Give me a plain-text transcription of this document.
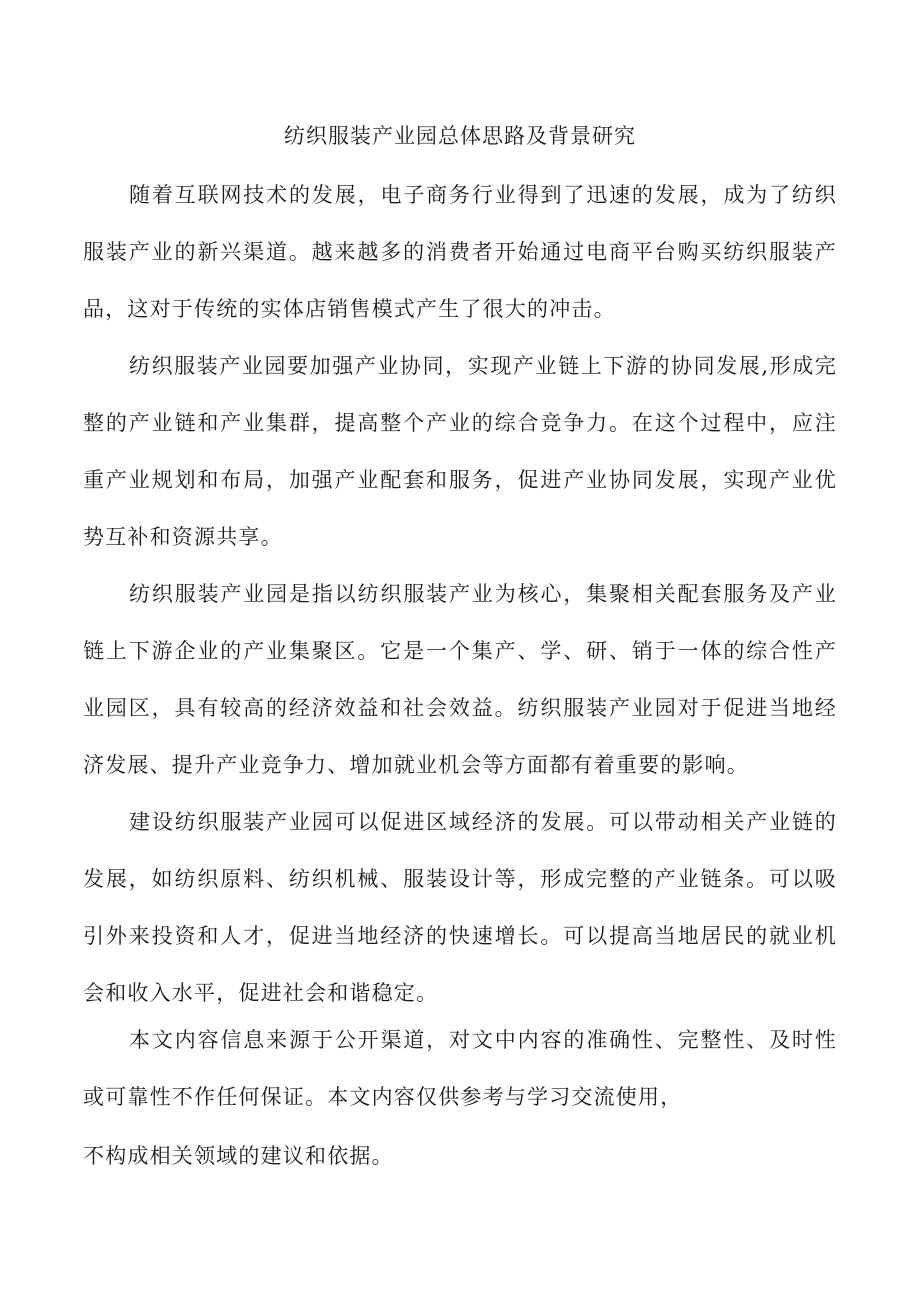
纺织服装产业园总体思路及背景研究

随着互联网技术的发展，电子商务行业得到了迅速的发展，成为了纺织服装产业的新兴渠道。越来越多的消费者开始通过电商平台购买纺织服装产品，这对于传统的实体店销售模式产生了很大的冲击。

纺织服装产业园要加强产业协同，实现产业链上下游的协同发展,形成完整的产业链和产业集群，提高整个产业的综合竞争力。在这个过程中，应注重产业规划和布局，加强产业配套和服务，促进产业协同发展，实现产业优势互补和资源共享。

纺织服装产业园是指以纺织服装产业为核心，集聚相关配套服务及产业链上下游企业的产业集聚区。它是一个集产、学、研、销于一体的综合性产业园区，具有较高的经济效益和社会效益。纺织服装产业园对于促进当地经济发展、提升产业竞争力、增加就业机会等方面都有着重要的影响。

建设纺织服装产业园可以促进区域经济的发展。可以带动相关产业链的发展，如纺织原料、纺织机械、服装设计等，形成完整的产业链条。可以吸引外来投资和人才，促进当地经济的快速增长。可以提高当地居民的就业机会和收入水平，促进社会和谐稳定。

本文内容信息来源于公开渠道，对文中内容的准确性、完整性、及时性或可靠性不作任何保证。本文内容仅供参考与学习交流使用，

不构成相关领域的建议和依据。
